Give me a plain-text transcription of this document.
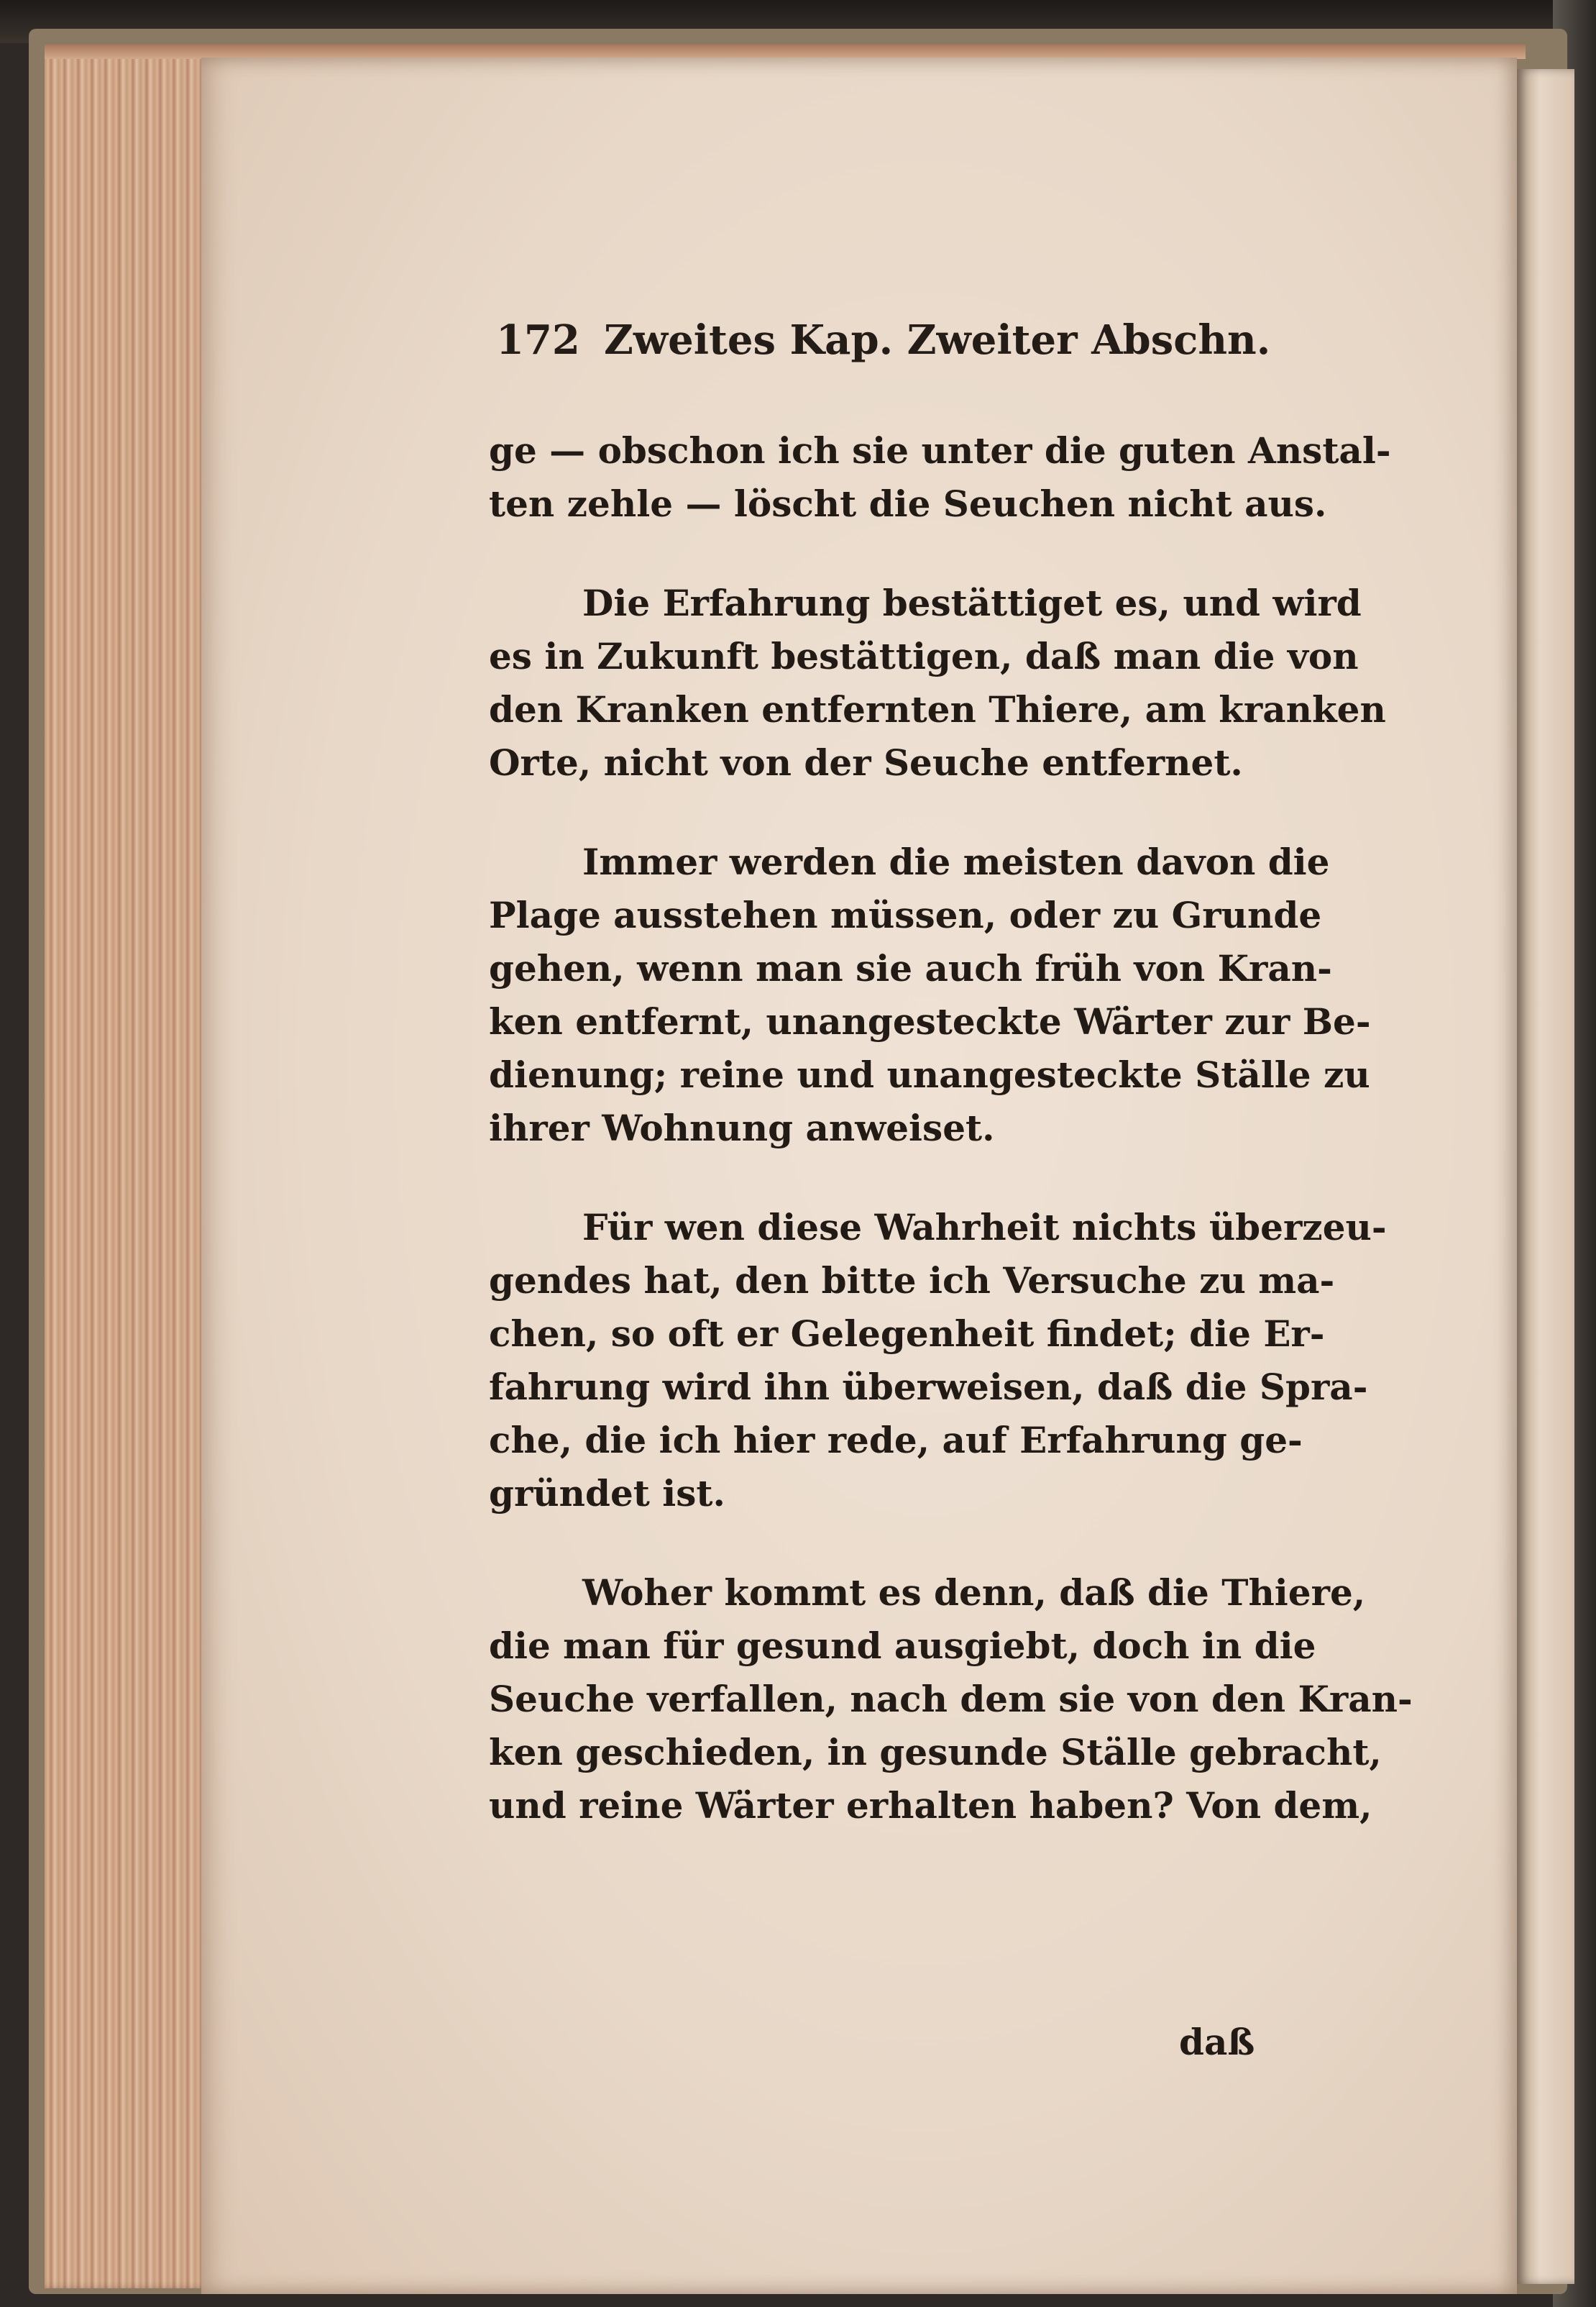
172 Zweites Kap. Zweiter Abschn.
ge — obschon ich sie unter die guten Anstal-
ten zehle — löscht die Seuchen nicht aus.
Die Erfahrung bestättiget es, und wird
es in Zukunft bestättigen, daß man die von
den Kranken entfernten Thiere, am kranken
Orte, nicht von der Seuche entfernet.
Immer werden die meisten davon die
Plage ausstehen müssen, oder zu Grunde
gehen, wenn man sie auch früh von Kran-
ken entfernt, unangesteckte Wärter zur Be-
dienung; reine und unangesteckte Ställe zu
ihrer Wohnung anweiset.
Für wen diese Wahrheit nichts überzeu-
gendes hat, den bitte ich Versuche zu ma-
chen, so oft er Gelegenheit findet; die Er-
fahrung wird ihn überweisen, daß die Spra-
che, die ich hier rede, auf Erfahrung ge-
gründet ist.
Woher kommt es denn, daß die Thiere,
die man für gesund ausgiebt, doch in die
Seuche verfallen, nach dem sie von den Kran-
ken geschieden, in gesunde Ställe gebracht,
und reine Wärter erhalten haben? Von dem,
daß
